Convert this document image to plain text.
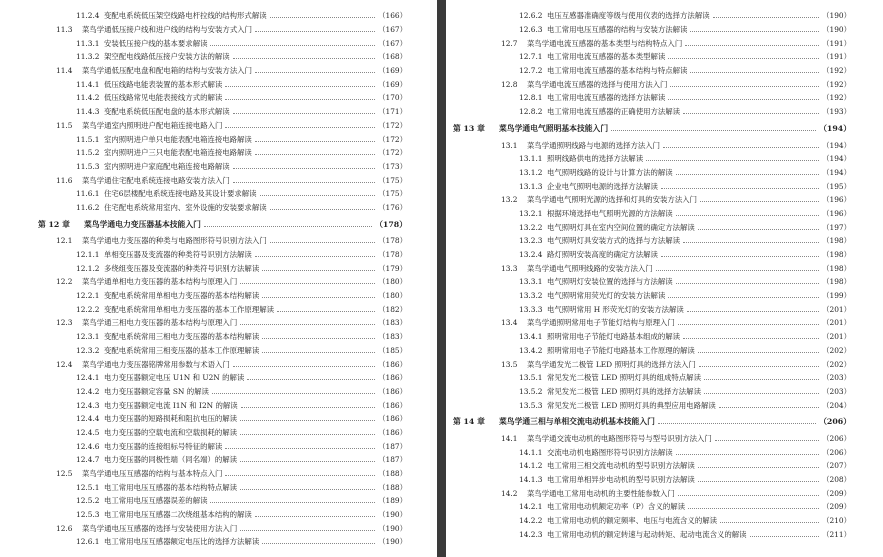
11.2.4 变配电系统低压架空线路电杆拉线的结构形式解读	（166）
11.3	菜鸟学通低压接户线和进户线的结构与安装方式入门	（167）
11.3.1 安装低压接户线的基本要求解读	（167）
11.3.2 架空配电线路低压接户安装方法的解读	（168）
11.4	菜鸟学通低压配电盘和配电箱的结构与安装方法入门	（169）
11.4.1 低压线路电能表装置的基本形式解读	（169）
11.4.2 低压线路常见电能表接线方式的解读	（170）
11.4.3 变配电系统低压配电盘的基本形式解读	（171）
11.5	菜鸟学通室内照明进户配电箱连接电路入门	（172）
11.5.1 室内照明进户单只电能表配电箱连接电路解读	（172）
11.5.2 室内照明进户三只电能表配电箱连接电路解读	（172）
11.5.3 室内照明进户家庭配电箱连接电路解读	（173）
11.6	菜鸟学通住宅配电系统连接电路安装方法入门	（175）
11.6.1 住宅6层楼配电系统连接电路及其设计要求解读	（175）
11.6.2 住宅配电系统常用室内、室外设施的安装要求解读	（176）
第 12 章	菜鸟学通电力变压器基本技能入门	（178）
12.1	菜鸟学通电力变压器的种类与电路图形符号识别方法入门	（178）
12.1.1 单相变压器及变流器的种类符号识别方法解读	（178）
12.1.2 多绕组变压器及变流器的种类符号识别方法解读	（179）
12.2	菜鸟学通单相电力变压器的基本结构与原理入门	（180）
12.2.1 变配电系统常用单相电力变压器的基本结构解读	（180）
12.2.2 变配电系统常用单相电力变压器的基本工作原理解读	（182）
12.3	菜鸟学通三相电力变压器的基本结构与原理入门	（183）
12.3.1 变配电系统常用三相电力变压器的基本结构解读	（183）
12.3.2 变配电系统常用三相变压器的基本工作原理解读	（185）
12.4	菜鸟学通电力变压器铭牌常用参数与术语入门	（186）
12.4.1 电力变压器额定电压 U1N 和 U2N 的解读	（186）
12.4.2 电力变压器额定容量 SN 的解读	（186）
12.4.3 电力变压器额定电流 I1N 和 I2N 的解读	（186）
12.4.4 电力变压器的短路损耗和阻抗电压的解读	（186）
12.4.5 电力变压器的空载电流和空载损耗的解读	（186）
12.4.6 电力变压器的连接组标号特征的解读	（187）
12.4.7 电力变压器的同极性端（同名端）的解读	（187）
12.5	菜鸟学通电压互感器的结构与基本特点入门	（188）
12.5.1 电工常用电压互感器的基本结构特点解读	（188）
12.5.2 电工常用电压互感器误差的解读	（189）
12.5.3 电工常用电压互感器二次绕组基本结构的解读	（190）
12.6	菜鸟学通电压互感器的选择与安装使用方法入门	（190）
12.6.1 电工常用电压互感器额定电压比的选择方法解读	（190）
12.6.2 电压互感器准确度等级与使用仪表的选择方法解读	（190）
12.6.3 电工常用电压互感器的结构与安装方法解读	（190）
12.7	菜鸟学通电流互感器的基本类型与结构特点入门	（191）
12.7.1 电工常用电流互感器的基本类型解读	（191）
12.7.2 电工常用电流互感器的基本结构与特点解读	（192）
12.8	菜鸟学通电流互感器的选择与使用方法入门	（192）
12.8.1 电工常用电流互感器的选择方法解读	（192）
12.8.2 电工常用电流互感器的正确使用方法解读	（193）
第 13 章	菜鸟学通电气照明基本技能入门	（194）
13.1	菜鸟学通照明线路与电源的选择方法入门	（194）
13.1.1 照明线路供电的选择方法解读	（194）
13.1.2 电气照明线路的设计与计算方法的解读	（194）
13.1.3 企业电气照明电源的选择方法解读	（195）
13.2	菜鸟学通电气照明光源的选择和灯具的安装方法入门	（196）
13.2.1 根据环境选择电气照明光源的方法解读	（196）
13.2.2 电气照明灯具在室内空间位置的确定方法解读	（197）
13.2.3 电气照明灯具安装方式的选择与方法解读	（198）
13.2.4 路灯照明安装高度的确定方法解读	（198）
13.3	菜鸟学通电气照明线路的安装方法入门	（198）
13.3.1 电气照明灯安装位置的选择与方法解读	（198）
13.3.2 电气照明常用荧光灯的安装方法解读	（199）
13.3.3 电气照明常用 H 形荧光灯的安装方法解读	（201）
13.4	菜鸟学通照明常用电子节能灯结构与原理入门	（201）
13.4.1 照明常用电子节能灯电路基本组成的解读	（201）
13.4.2 照明常用电子节能灯电路基本工作原理的解读	（202）
13.5	菜鸟学通发光二极管 LED 照明灯具的选择方法入门	（202）
13.5.1 常见发光二极管 LED 照明灯具的组成特点解读	（203）
13.5.2 常见发光二极管 LED 照明灯具的选择方法解读	（203）
13.5.3 常见发光二极管 LED 照明灯具的典型应用电路解读	（204）
第 14 章	菜鸟学通三相与单相交流电动机基本技能入门	（206）
14.1	菜鸟学通交流电动机的电路图形符号与型号识别方法入门	（206）
14.1.1 交流电动机电路图形符号识别方法解读	（206）
14.1.2 电工常用三相交流电动机的型号识别方法解读	（207）
14.1.3 电工常用单相异步电动机的型号识别方法解读	（208）
14.2	菜鸟学通电工常用电动机的主要性能参数入门	（209）
14.2.1 电工常用电动机额定功率（P）含义的解读	（209）
14.2.2 电工常用电动机的额定频率、电压与电流含义的解读	（210）
14.2.3 电工常用电动机的额定转速与起动转矩、起动电流含义的解读	（211）
